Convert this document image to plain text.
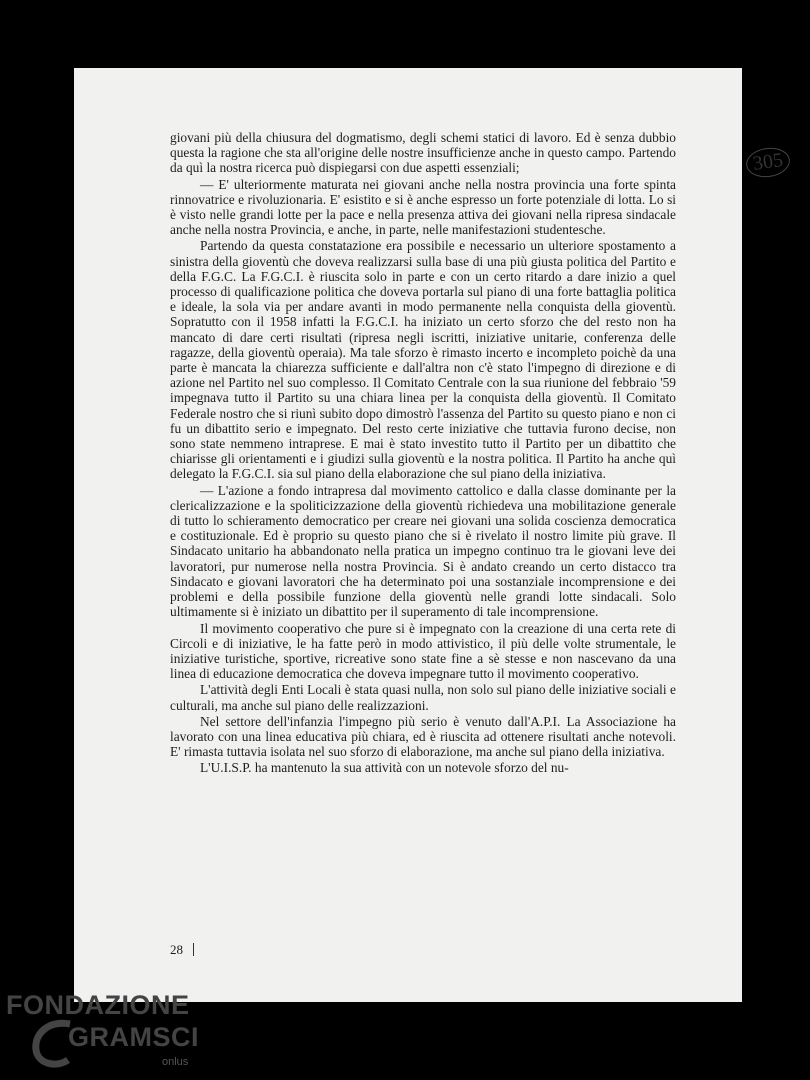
305

giovani più della chiusura del dogmatismo, degli schemi statici di lavoro. Ed è senza dubbio questa la ragione che sta all'origine delle nostre insufficienze anche in questo campo. Partendo da quì la nostra ricerca può dispiegarsi con due aspetti essenziali;

— E' ulteriormente maturata nei giovani anche nella nostra provincia una forte spinta rinnovatrice e rivoluzionaria. E' esistito e si è anche espresso un forte potenziale di lotta. Lo si è visto nelle grandi lotte per la pace e nella presenza attiva dei giovani nella ripresa sindacale anche nella nostra Provincia, e anche, in parte, nelle manifestazioni studentesche.

Partendo da questa constatazione era possibile e necessario un ulteriore spostamento a sinistra della gioventù che doveva realizzarsi sulla base di una più giusta politica del Partito e della F.G.C. La F.G.C.I. è riuscita solo in parte e con un certo ritardo a dare inizio a quel processo di qualificazione politica che doveva portarla sul piano di una forte battaglia politica e ideale, la sola via per andare avanti in modo permanente nella conquista della gioventù. Sopratutto con il 1958 infatti la F.G.C.I. ha iniziato un certo sforzo che del resto non ha mancato di dare certi risultati (ripresa negli iscritti, iniziative unitarie, conferenza delle ragazze, della gioventù operaia). Ma tale sforzo è rimasto incerto e incompleto poichè da una parte è mancata la chiarezza sufficiente e dall'altra non c'è stato l'impegno di direzione e di azione nel Partito nel suo complesso. Il Comitato Centrale con la sua riunione del febbraio '59 impegnava tutto il Partito su una chiara linea per la conquista della gioventù. Il Comitato Federale nostro che si riunì subito dopo dimostrò l'assenza del Partito su questo piano e non ci fu un dibattito serio e impegnato. Del resto certe iniziative che tuttavia furono decise, non sono state nemmeno intraprese. E mai è stato investito tutto il Partito per un dibattito che chiarisse gli orientamenti e i giudizi sulla gioventù e la nostra politica. Il Partito ha anche quì delegato la F.G.C.I. sia sul piano della elaborazione che sul piano della iniziativa.

— L'azione a fondo intrapresa dal movimento cattolico e dalla classe dominante per la clericalizzazione e la spoliticizzazione della gioventù richiedeva una mobilitazione generale di tutto lo schieramento democratico per creare nei giovani una solida coscienza democratica e costituzionale. Ed è proprio su questo piano che si è rivelato il nostro limite più grave. Il Sindacato unitario ha abbandonato nella pratica un impegno continuo tra le giovani leve dei lavoratori, pur numerose nella nostra Provincia. Si è andato creando un certo distacco tra Sindacato e giovani lavoratori che ha determinato poi una sostanziale incomprensione e dei problemi e della possibile funzione della gioventù nelle grandi lotte sindacali. Solo ultimamente si è iniziato un dibattito per il superamento di tale incomprensione.

Il movimento cooperativo che pure si è impegnato con la creazione di una certa rete di Circoli e di iniziative, le ha fatte però in modo attivistico, il più delle volte strumentale, le iniziative turistiche, sportive, ricreative sono state fine a sè stesse e non nascevano da una linea di educazione democratica che doveva impegnare tutto il movimento cooperativo.

L'attività degli Enti Locali è stata quasi nulla, non solo sul piano delle iniziative sociali e culturali, ma anche sul piano delle realizzazioni.

Nel settore dell'infanzia l'impegno più serio è venuto dall'A.P.I. La Associazione ha lavorato con una linea educativa più chiara, ed è riuscita ad ottenere risultati anche notevoli. E' rimasta tuttavia isolata nel suo sforzo di elaborazione, ma anche sul piano della iniziativa.

L'U.I.S.P. ha mantenuto la sua attività con un notevole sforzo del nu-

28
FONDAZIONE
GRAMSCI
onlus
